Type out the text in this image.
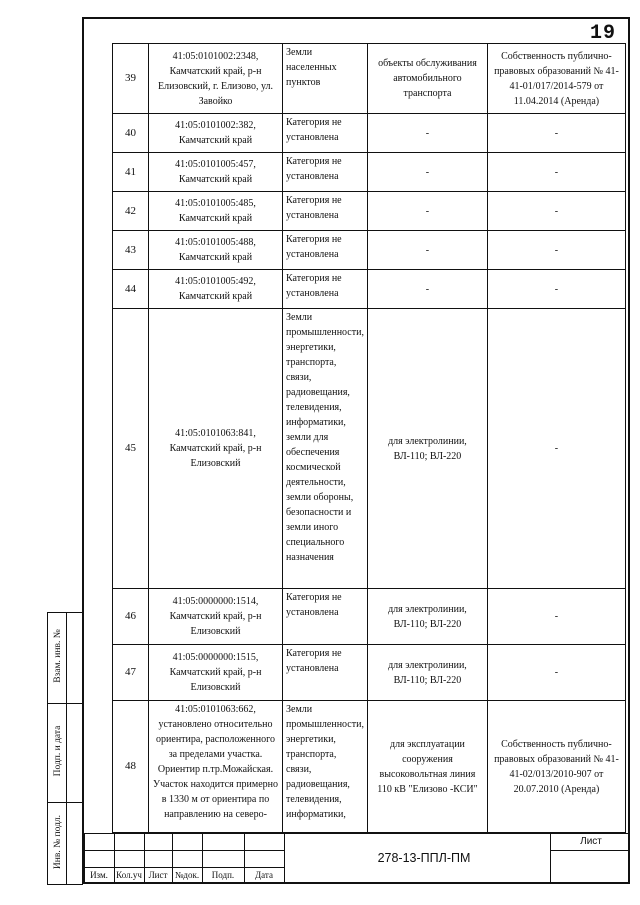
19
39	41:05:0101002:2348, Камчатский край, р-н Елизовский, г. Елизово, ул. Завойко	Земли населенных пунктов	объекты обслуживания автомобильного транспорта	Собственность публично-правовых образований № 41-41-01/017/2014-579 от 11.04.2014 (Аренда)
40	41:05:0101002:382, Камчатский край	Категория не установлена	-	-
41	41:05:0101005:457, Камчатский край	Категория не установлена	-	-
42	41:05:0101005:485, Камчатский край	Категория не установлена	-	-
43	41:05:0101005:488, Камчатский край	Категория не установлена	-	-
44	41:05:0101005:492, Камчатский край	Категория не установлена	-	-
45	41:05:0101063:841, Камчатский край, р-н Елизовский	Земли промышленности, энергетики, транспорта, связи, радиовещания, телевидения, информатики, земли для обеспечения космической деятельности, земли обороны, безопасности и земли иного специального назначения	для электролинии, ВЛ-110; ВЛ-220	-
46	41:05:0000000:1514, Камчатский край, р-н Елизовский	Категория не установлена	для электролинии, ВЛ-110; ВЛ-220	-
47	41:05:0000000:1515, Камчатский край, р-н Елизовский	Категория не установлена	для электролинии, ВЛ-110; ВЛ-220	-
48	41:05:0101063:662, установлено относительно ориентира, расположенного за пределами участка. Ориентир п.тр.Можайская. Участок находится примерно в 1330 м от ориентира по направлению на северо-	Земли промышленности, энергетики, транспорта, связи, радиовещания, телевидения, информатики,	для эксплуатации сооружения высоковольтная линия 110 кВ "Елизово -КСИ"	Собственность публично-правовых образований № 41-41-02/013/2010-907 от 20.07.2010 (Аренда)
Взам. инв. №
Подп. и дата
Инв. № подл.
Изм. Кол.уч Лист №док.	Подп.	Дата
278-13-ППЛ-ПМ
Лист
